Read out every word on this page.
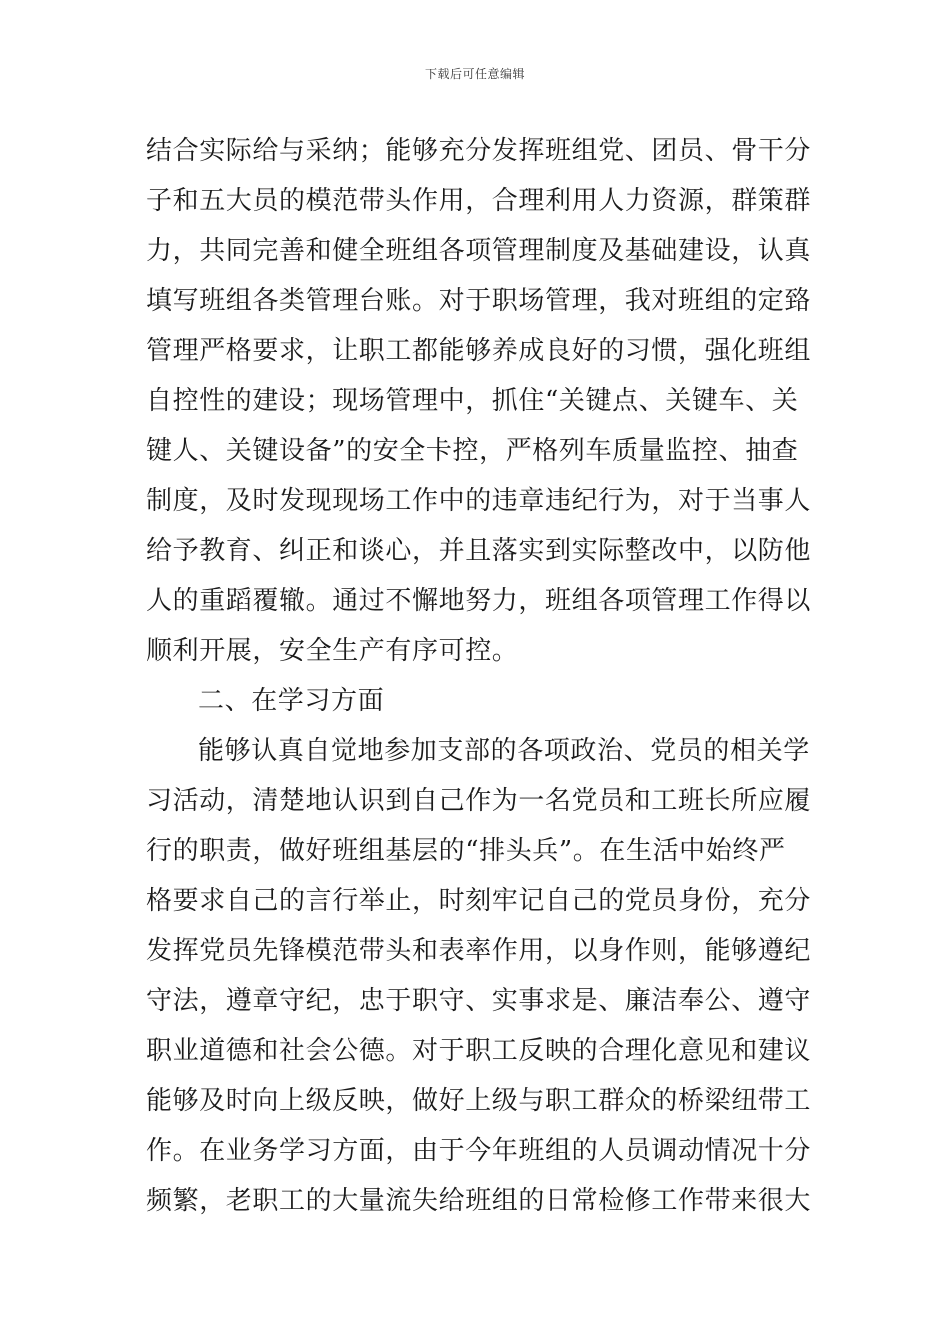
下载后可任意编辑
结合实际给与采纳；能够充分发挥班组党、团员、骨干分
子和五大员的模范带头作用，合理利用人力资源，群策群
力，共同完善和健全班组各项管理制度及基础建设，认真
填写班组各类管理台账。对于职场管理，我对班组的定臵
管理严格要求，让职工都能够养成良好的习惯，强化班组
自控性的建设；现场管理中，抓住“关键点、关键车、关
键人、关键设备”的安全卡控，严格列车质量监控、抽查
制度，及时发现现场工作中的违章违纪行为，对于当事人
给予教育、纠正和谈心，并且落实到实际整改中，以防他
人的重蹈覆辙。通过不懈地努力，班组各项管理工作得以
顺利开展，安全生产有序可控。
二、在学习方面
能够认真自觉地参加支部的各项政治、党员的相关学
习活动，清楚地认识到自己作为一名党员和工班长所应履
行的职责，做好班组基层的“排头兵”。在生活中始终严
格要求自己的言行举止，时刻牢记自己的党员身份，充分
发挥党员先锋模范带头和表率作用，以身作则，能够遵纪
守法，遵章守纪，忠于职守、实事求是、廉洁奉公、遵守
职业道德和社会公德。对于职工反映的合理化意见和建议
能够及时向上级反映，做好上级与职工群众的桥梁纽带工
作。在业务学习方面，由于今年班组的人员调动情况十分
频繁，老职工的大量流失给班组的日常检修工作带来很大
